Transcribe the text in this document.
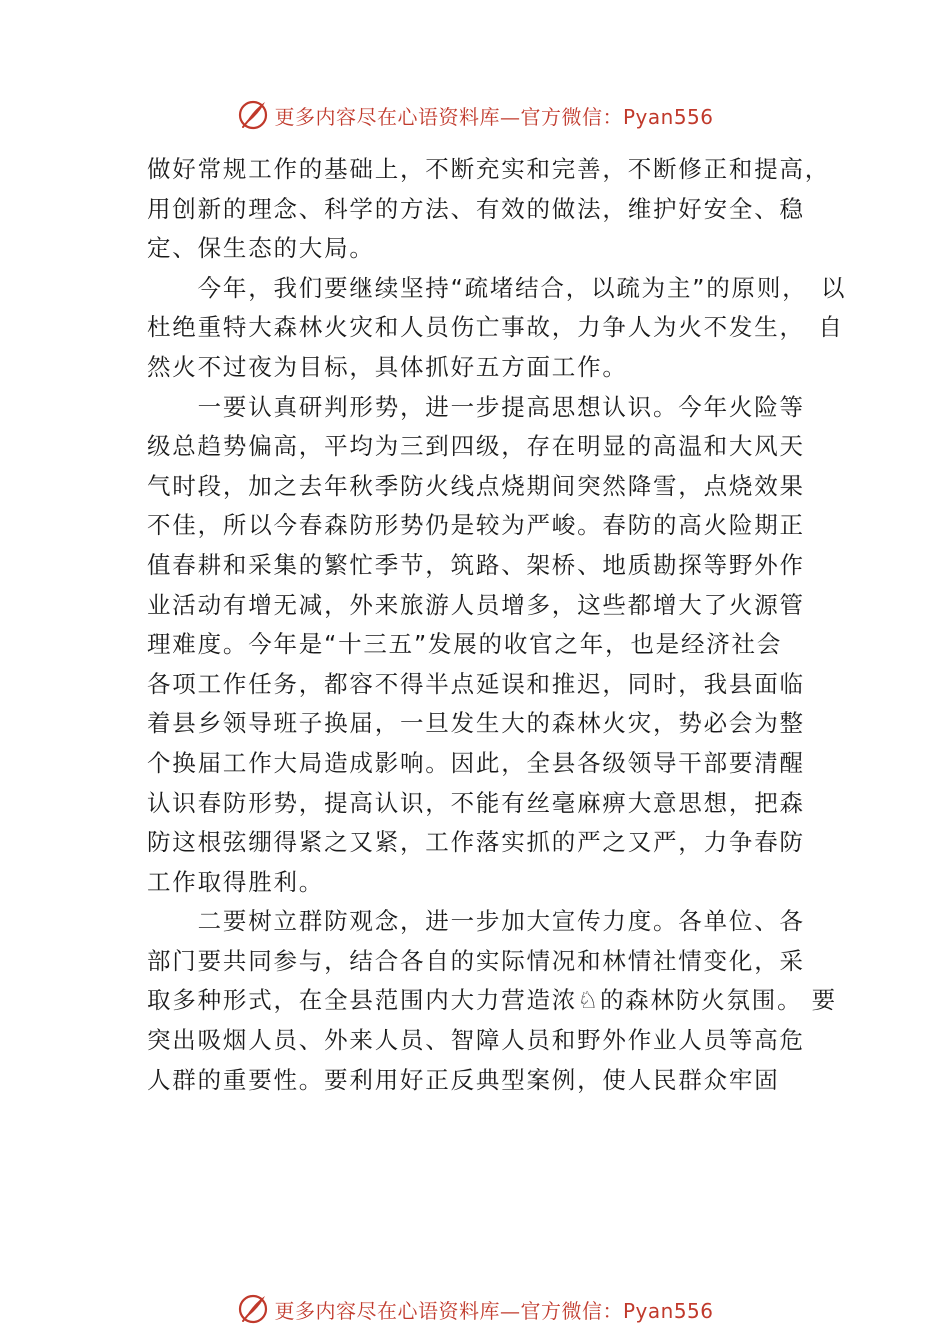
更多内容尽在心语资料库—官方微信：Pyan556
做好常规工作的基础上，不断充实和完善，不断修正和提高，
用创新的理念、科学的方法、有效的做法，维护好安全、稳
定、保生态的大局。
　　今年，我们要继续坚持“疏堵结合，以疏为主”的原则，　以
杜绝重特大森林火灾和人员伤亡事故，力争人为火不发生，　自
然火不过夜为目标，具体抓好五方面工作。
　　一要认真研判形势，进一步提高思想认识。今年火险等
级总趋势偏高，平均为三到四级，存在明显的高温和大风天
气时段，加之去年秋季防火线点烧期间突然降雪，点烧效果
不佳，所以今春森防形势仍是较为严峻。春防的高火险期正
值春耕和采集的繁忙季节，筑路、架桥、地质勘探等野外作
业活动有增无减，外来旅游人员增多，这些都增大了火源管
理难度。今年是“十三五”发展的收官之年，也是经济社会
各项工作任务，都容不得半点延误和推迟，同时，我县面临
着县乡领导班子换届，一旦发生大的森林火灾，势必会为整
个换届工作大局造成影响。因此，全县各级领导干部要清醒
认识春防形势，提高认识，不能有丝毫麻痹大意思想，把森
防这根弦绷得紧之又紧，工作落实抓的严之又严，力争春防
工作取得胜利。
　　二要树立群防观念，进一步加大宣传力度。各单位、各
部门要共同参与，结合各自的实际情况和林情社情变化，采
取多种形式，在全县范围内大力营造浓♘的森林防火氛围。 要
突出吸烟人员、外来人员、智障人员和野外作业人员等高危
人群的重要性。要利用好正反典型案例，使人民群众牢固
更多内容尽在心语资料库—官方微信：Pyan556
